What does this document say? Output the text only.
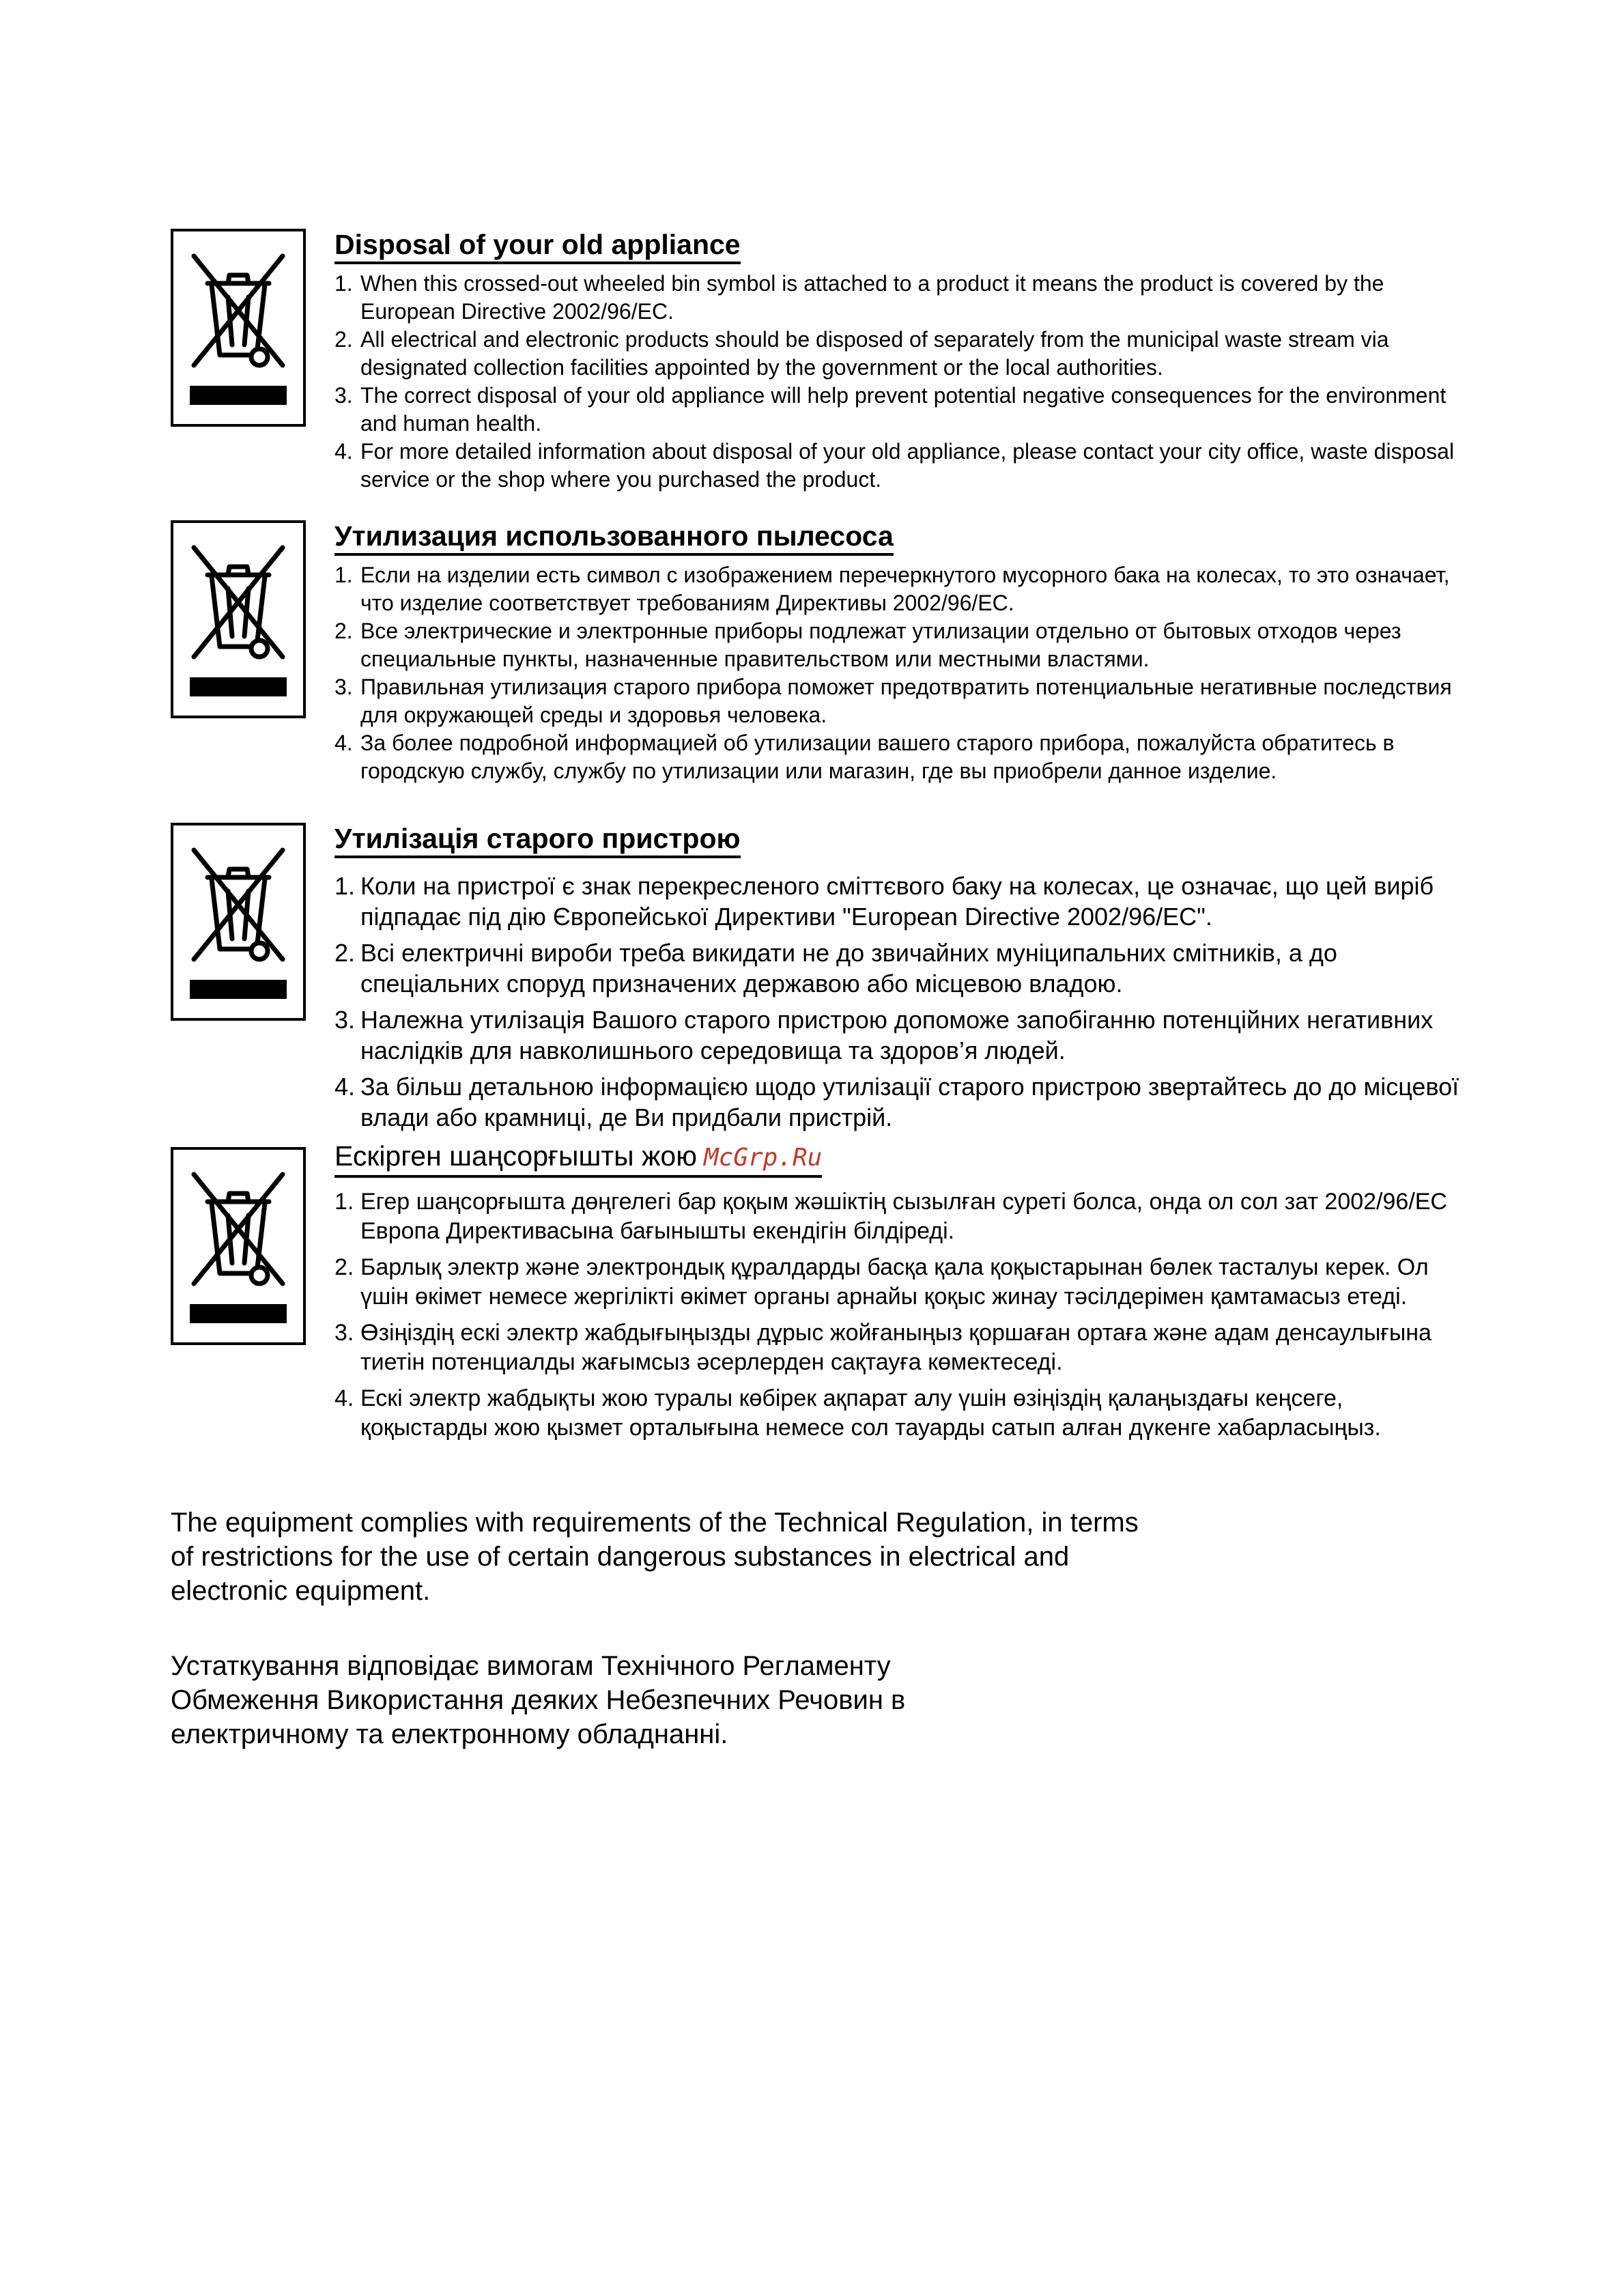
Disposal of your old appliance
1. When this crossed-out wheeled bin symbol is attached to a product it means the product is covered by the European Directive 2002/96/EC.
2. All electrical and electronic products should be disposed of separately from the municipal waste stream via designated collection facilities appointed by the government or the local authorities.
3. The correct disposal of your old appliance will help prevent potential negative consequences for the environment and human health.
4. For more detailed information about disposal of your old appliance, please contact your city office, waste disposal service or the shop where you purchased the product.
Утилизация использованного пылесоса
1. Если на изделии есть символ с изображением перечеркнутого мусорного бака на колесах, то это означает, что изделие соответствует требованиям Директивы 2002/96/EC.
2. Все электрические и электронные приборы подлежат утилизации отдельно от бытовых отходов через специальные пункты, назначенные правительством или местными властями.
3. Правильная утилизация старого прибора поможет предотвратить потенциальные негативные последствия для окружающей среды и здоровья человека.
4. За более подробной информацией об утилизации вашего старого прибора, пожалуйста обратитесь в городскую службу, службу по утилизации или магазин, где вы приобрели данное изделие.
Утилізація старого пристрою
1. Коли на пристрої є знак перекресленого сміттєвого баку на колесах, це означає, що цей виріб підпадає під дію Європейської Директиви "European Directive 2002/96/EC".
2. Всі електричні вироби треба викидати не до звичайних муніципальних смітників, а до спеціальних споруд призначених державою або місцевою владою.
3. Належна утилізація Вашого старого пристрою допоможе запобіганню потенційних негативних наслідків для навколишнього середовища та здоров’я людей.
4. За більш детальною інформацією щодо утилізації старого пристрою звертайтесь до до місцевої влади або крамниці, де Ви придбали пристрій.
Ескірген шаңсорғышты жою McGrp.Ru
1. Егер шаңсорғышта дөңгелегі бар қоқым жәшіктің сызылған суреті болса, онда ол сол зат 2002/96/ЕС Европа Директивасына бағынышты екендігін білдіреді.
2. Барлық электр және электрондық құралдарды басқа қала қоқыстарынан бөлек тасталуы керек. Ол үшін өкімет немесе жергілікті өкімет органы арнайы қоқыс жинау тәсілдерімен қамтамасыз етеді.
3. Өзіңіздің ескі электр жабдығыңызды дұрыс жойғаныңыз қоршаған ортаға және адам денсаулығына тиетін потенциалды жағымсыз әсерлерден сақтауға көмектеседі.
4. Ескі электр жабдықты жою туралы көбірек ақпарат алу үшін өзіңіздің қалаңыздағы кеңсеге, қоқыстарды жою қызмет орталығына немесе сол тауарды сатып алған дүкенге хабарласыңыз.
The equipment complies with requirements of the Technical Regulation, in terms of restrictions for the use of certain dangerous substances in electrical and electronic equipment.
Устаткування відповідає вимогам Технічного Регламенту Обмеження Використання деяких Небезпечних Речовин в електричному та електронному обладнанні.
